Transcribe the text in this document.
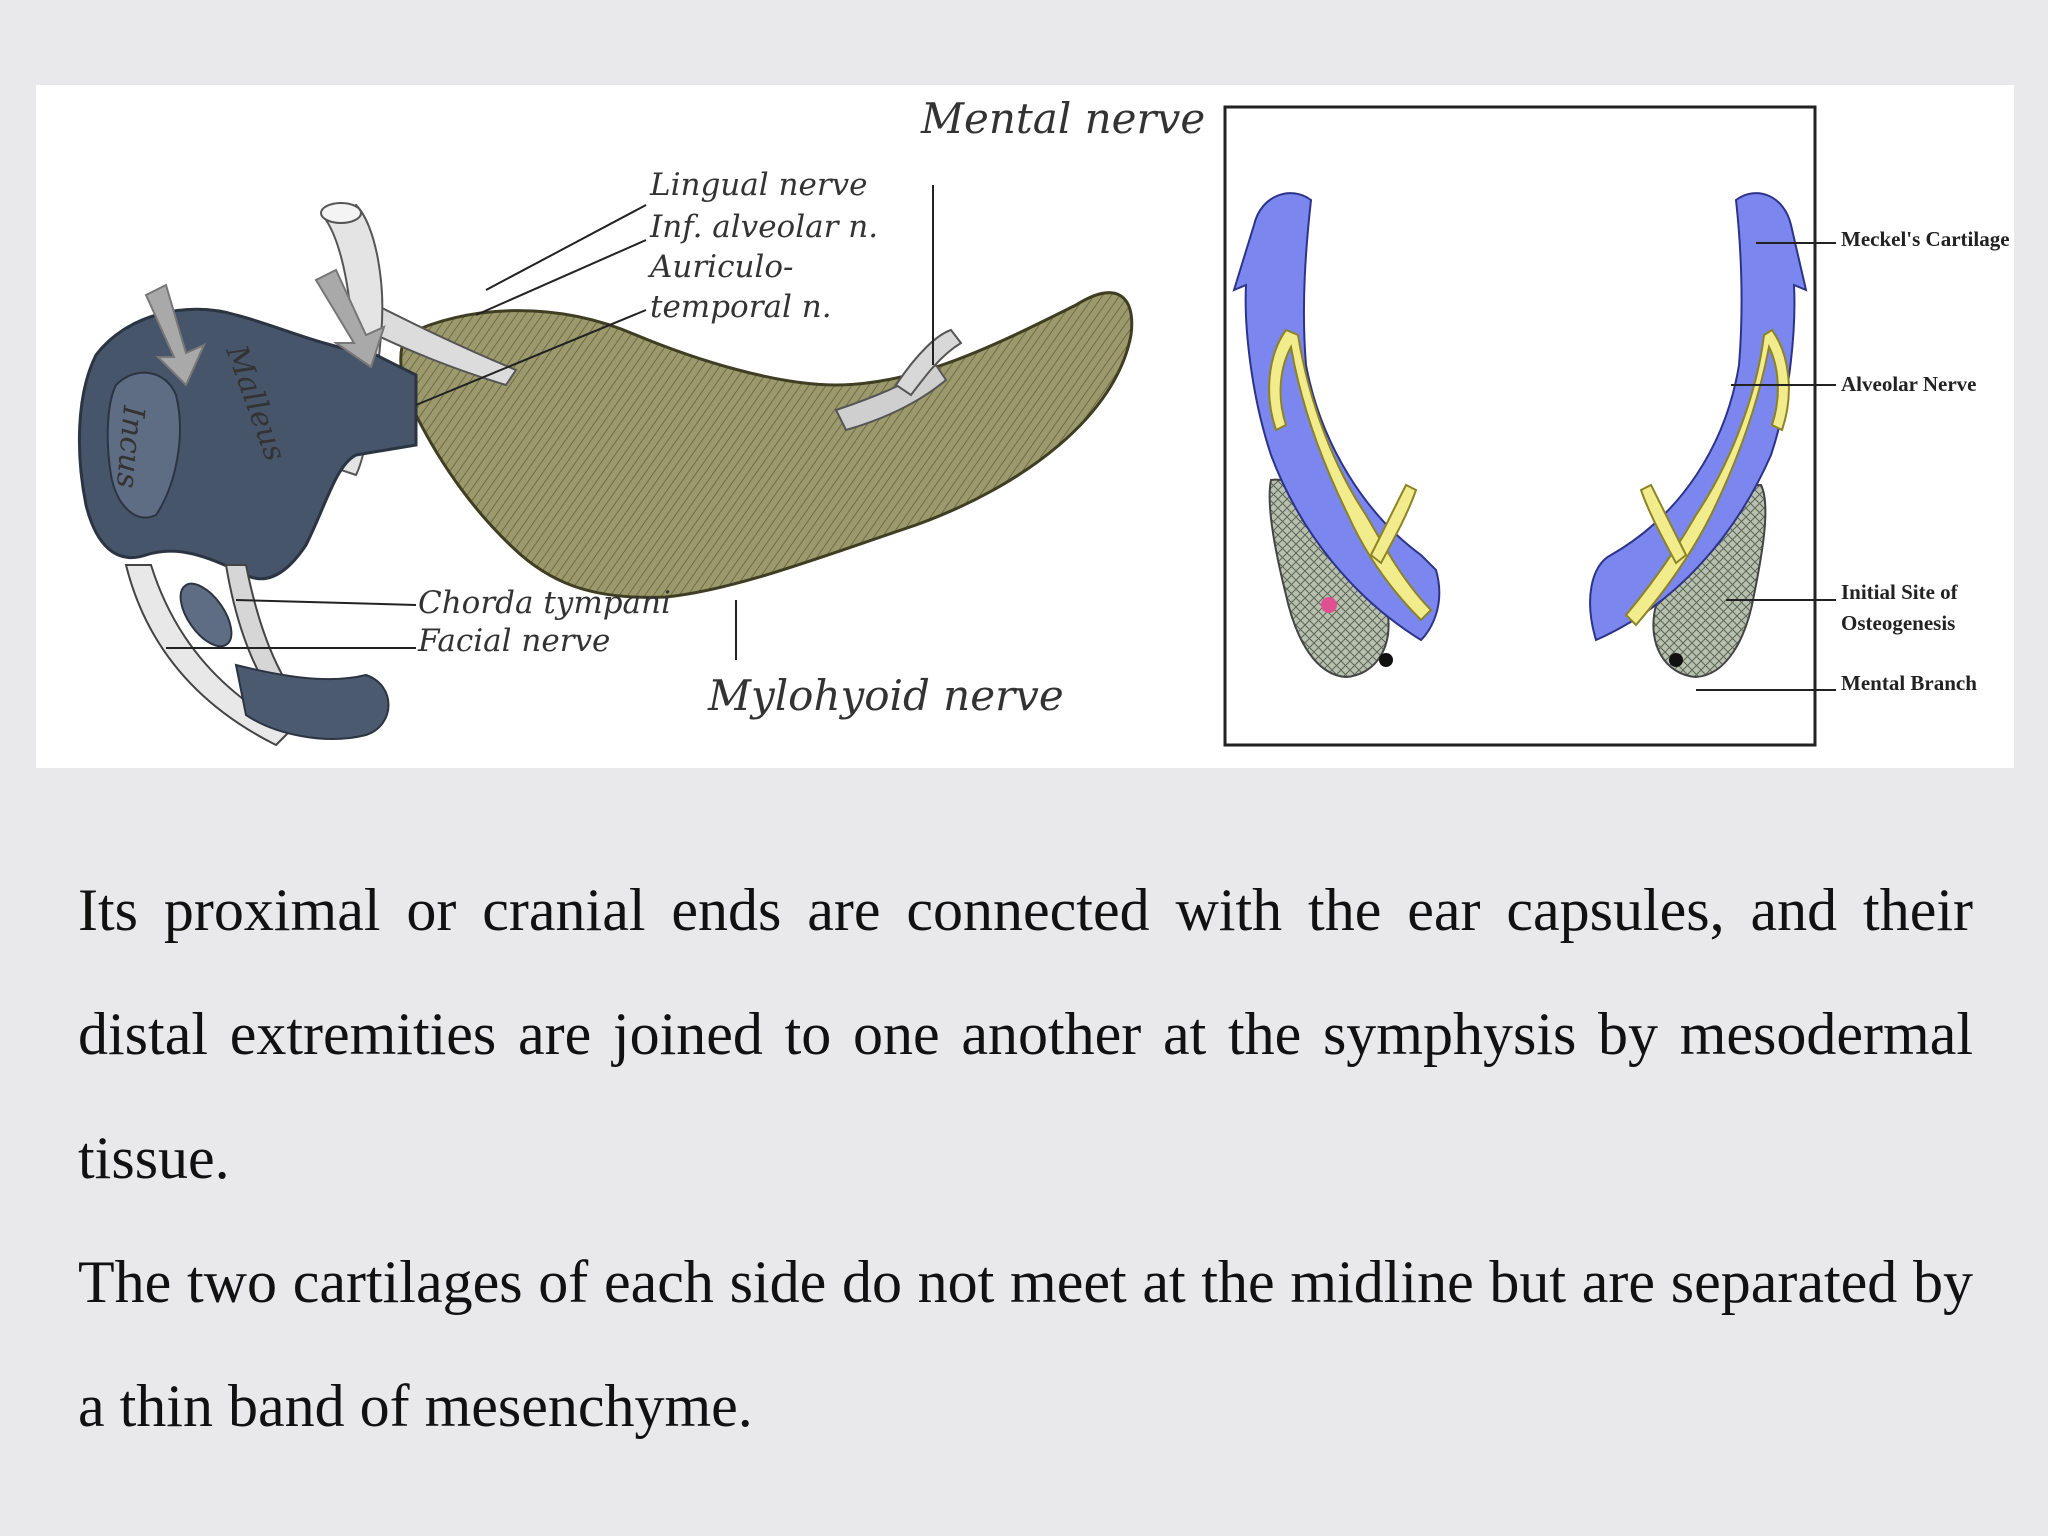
Mental nerve
Lingual nerve
Inf. alveolar n.
Auriculo-
temporal n.
Incus Malleus
Chorda tympani
Facial nerve
Mylohyoid nerve
Meckel's Cartilage
Alveolar Nerve
Initial Site of
Osteogenesis
Mental Branch

Its proximal or cranial ends are connected with the ear capsules, and their distal extremities are joined to one another at the symphysis by mesodermal tissue.

The two cartilages of each side do not meet at the midline but are separated by a thin band of mesenchyme.
